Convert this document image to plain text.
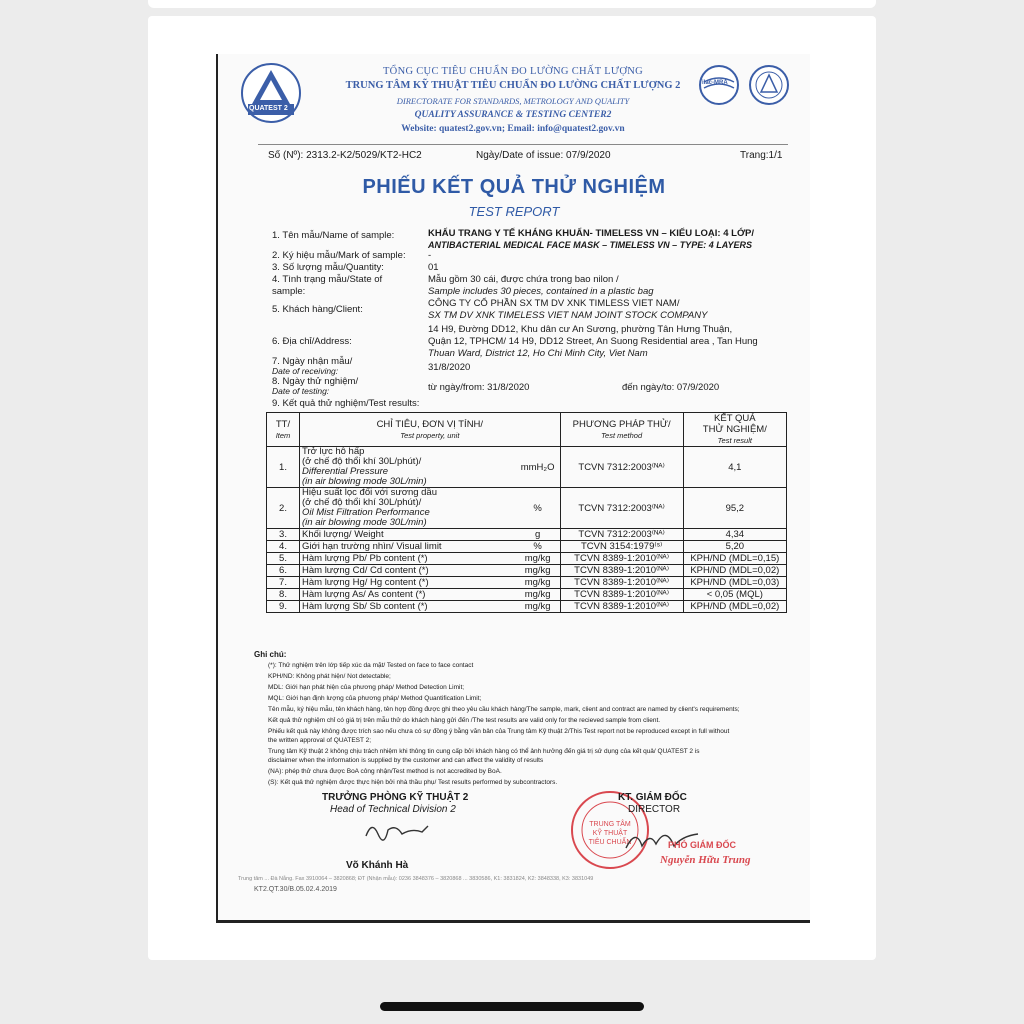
QUATEST 2
TỔNG CỤC TIÊU CHUẨN ĐO LƯỜNG CHẤT LƯỢNG
TRUNG TÂM KỸ THUẬT TIÊU CHUẨN ĐO LƯỜNG CHẤT LƯỢNG 2
DIRECTORATE FOR STANDARDS, METROLOGY AND QUALITY
QUALITY ASSURANCE & TESTING CENTER2
Website: quatest2.gov.vn; Email: info@quatest2.gov.vn
ilac-MRA
Số (Nº): 2313.2-K2/5029/KT2-HC2	Ngày/Date of issue: 07/9/2020	Trang:1/1
PHIẾU KẾT QUẢ THỬ NGHIỆM
TEST REPORT
1. Tên mẫu/Name of sample:	KHẨU TRANG Y TẾ KHÁNG KHUẨN- TIMELESS VN – KIỂU LOẠI: 4 LỚP/
ANTIBACTERIAL MEDICAL FACE MASK – TIMELESS VN – TYPE: 4 LAYERS
2. Ký hiệu mẫu/Mark of sample: -
3. Số lượng mẫu/Quantity:	01
4. Tình trạng mẫu/State of
sample:
Mẫu gồm 30 cái, được chứa trong bao nilon /
Sample includes 30 pieces, contained in a plastic bag
5. Khách hàng/Client:
CÔNG TY CỔ PHẦN SX TM DV XNK TIMLESS VIET NAM/
SX TM DV XNK TIMELESS VIET NAM JOINT STOCK COMPANY
6. Địa chỉ/Address:
14 H9, Đường DD12, Khu dân cư An Sương, phường Tân Hưng Thuận,
Quận 12, TPHCM/ 14 H9, DD12 Street, An Suong Residential area , Tan Hung
Thuan Ward, District 12, Ho Chi Minh City, Viet Nam
7. Ngày nhận mẫu/
Date of receiving:	31/8/2020
8. Ngày thử nghiệm/
Date of testing:	từ ngày/from: 31/8/2020	đến ngày/to: 07/9/2020
9. Kết quả thử nghiệm/Test results:
TT/
Item	CHỈ TIÊU, ĐƠN VỊ TÍNH/
Test property, unit		PHƯƠNG PHÁP THỬ/
Test method	KẾT QUẢ
THỬ NGHIỆM/
Test result
1.	Trở lực hô hấp
(ở chế độ thổi khí 30L/phút)/
Differential Pressure
(in air blowing mode 30L/min)	mmH₂O	TCVN 7312:2003⁽ᴺᴬ⁾	4,1
2.	Hiệu suất lọc đối với sương dầu
(ở chế độ thổi khí 30L/phút)/
Oil Mist Filtration Performance
(in air blowing mode 30L/min)	%	TCVN 7312:2003⁽ᴺᴬ⁾	95,2
3.	Khối lượng/ Weight	g	TCVN 7312:2003⁽ᴺᴬ⁾	4,34
4.	Giới hạn trường nhìn/ Visual limit	%	TCVN 3154:1979⁽ˢ⁾	5,20
5.	Hàm lượng Pb/ Pb content (*)	mg/kg	TCVN 8389-1:2010⁽ᴺᴬ⁾	KPH/ND (MDL=0,15)
6.	Hàm lượng Cd/ Cd content (*)	mg/kg	TCVN 8389-1:2010⁽ᴺᴬ⁾	KPH/ND (MDL=0,02)
7.	Hàm lượng Hg/ Hg content (*)	mg/kg	TCVN 8389-1:2010⁽ᴺᴬ⁾	KPH/ND (MDL=0,03)
8.	Hàm lượng As/ As content (*)	mg/kg	TCVN 8389-1:2010⁽ᴺᴬ⁾	< 0,05 (MQL)
9.	Hàm lượng Sb/ Sb content (*)	mg/kg	TCVN 8389-1:2010⁽ᴺᴬ⁾	KPH/ND (MDL=0,02)
Ghi chú:
(*): Thử nghiệm trên lớp tiếp xúc da mặt/ Tested on face to face contact
KPH/ND: Không phát hiện/ Not detectable;
MDL: Giới hạn phát hiện của phương pháp/ Method Detection Limit;
MQL: Giới hạn định lượng của phương pháp/ Method Quantification Limit;
Tên mẫu, ký hiệu mẫu, tên khách hàng, tên hợp đồng được ghi theo yêu cầu khách hàng/The sample, mark, client and contract are named by client's requirements;
Kết quả thử nghiệm chỉ có giá trị trên mẫu thử do khách hàng gửi đến /The test results are valid only for the recieved sample from client.
Phiếu kết quả này không được trích sao nếu chưa có sự đồng ý bằng văn bản của Trung tâm Kỹ thuật 2/This Test report not be reproduced except in full without
the written approval of QUATEST 2;
Trung tâm Kỹ thuật 2 không chịu trách nhiệm khi thông tin cung cấp bởi khách hàng có thể ảnh hưởng đến giá trị sử dụng của kết quả/ QUATEST 2 is
disclaimer when the information is supplied by the customer and can affect the validity of results
(NA): phép thử chưa được BoA công nhận/Test method is not accredited by BoA.
(S): Kết quả thử nghiệm được thực hiện bởi nhà thầu phụ/ Test results performed by subcontractors.
TRƯỞNG PHÒNG KỸ THUẬT 2
Head of Technical Division 2
Võ Khánh Hà
TRUNG TÂM
KỸ THUẬT
TIÊU CHUẨN
KT. GIÁM ĐỐC
DIRECTOR
PHÓ GIÁM ĐỐC
Nguyễn Hữu Trung
Trung tâm ... Đà Nẵng. Fax 3910064 – 3820868; ĐT (Nhận mẫu): 0236 3848376 – 3820868 ... 3830586, K1: 3831824, K2: 3848338, K3: 3831049
KT2.QT.30/B.05.02.4.2019
